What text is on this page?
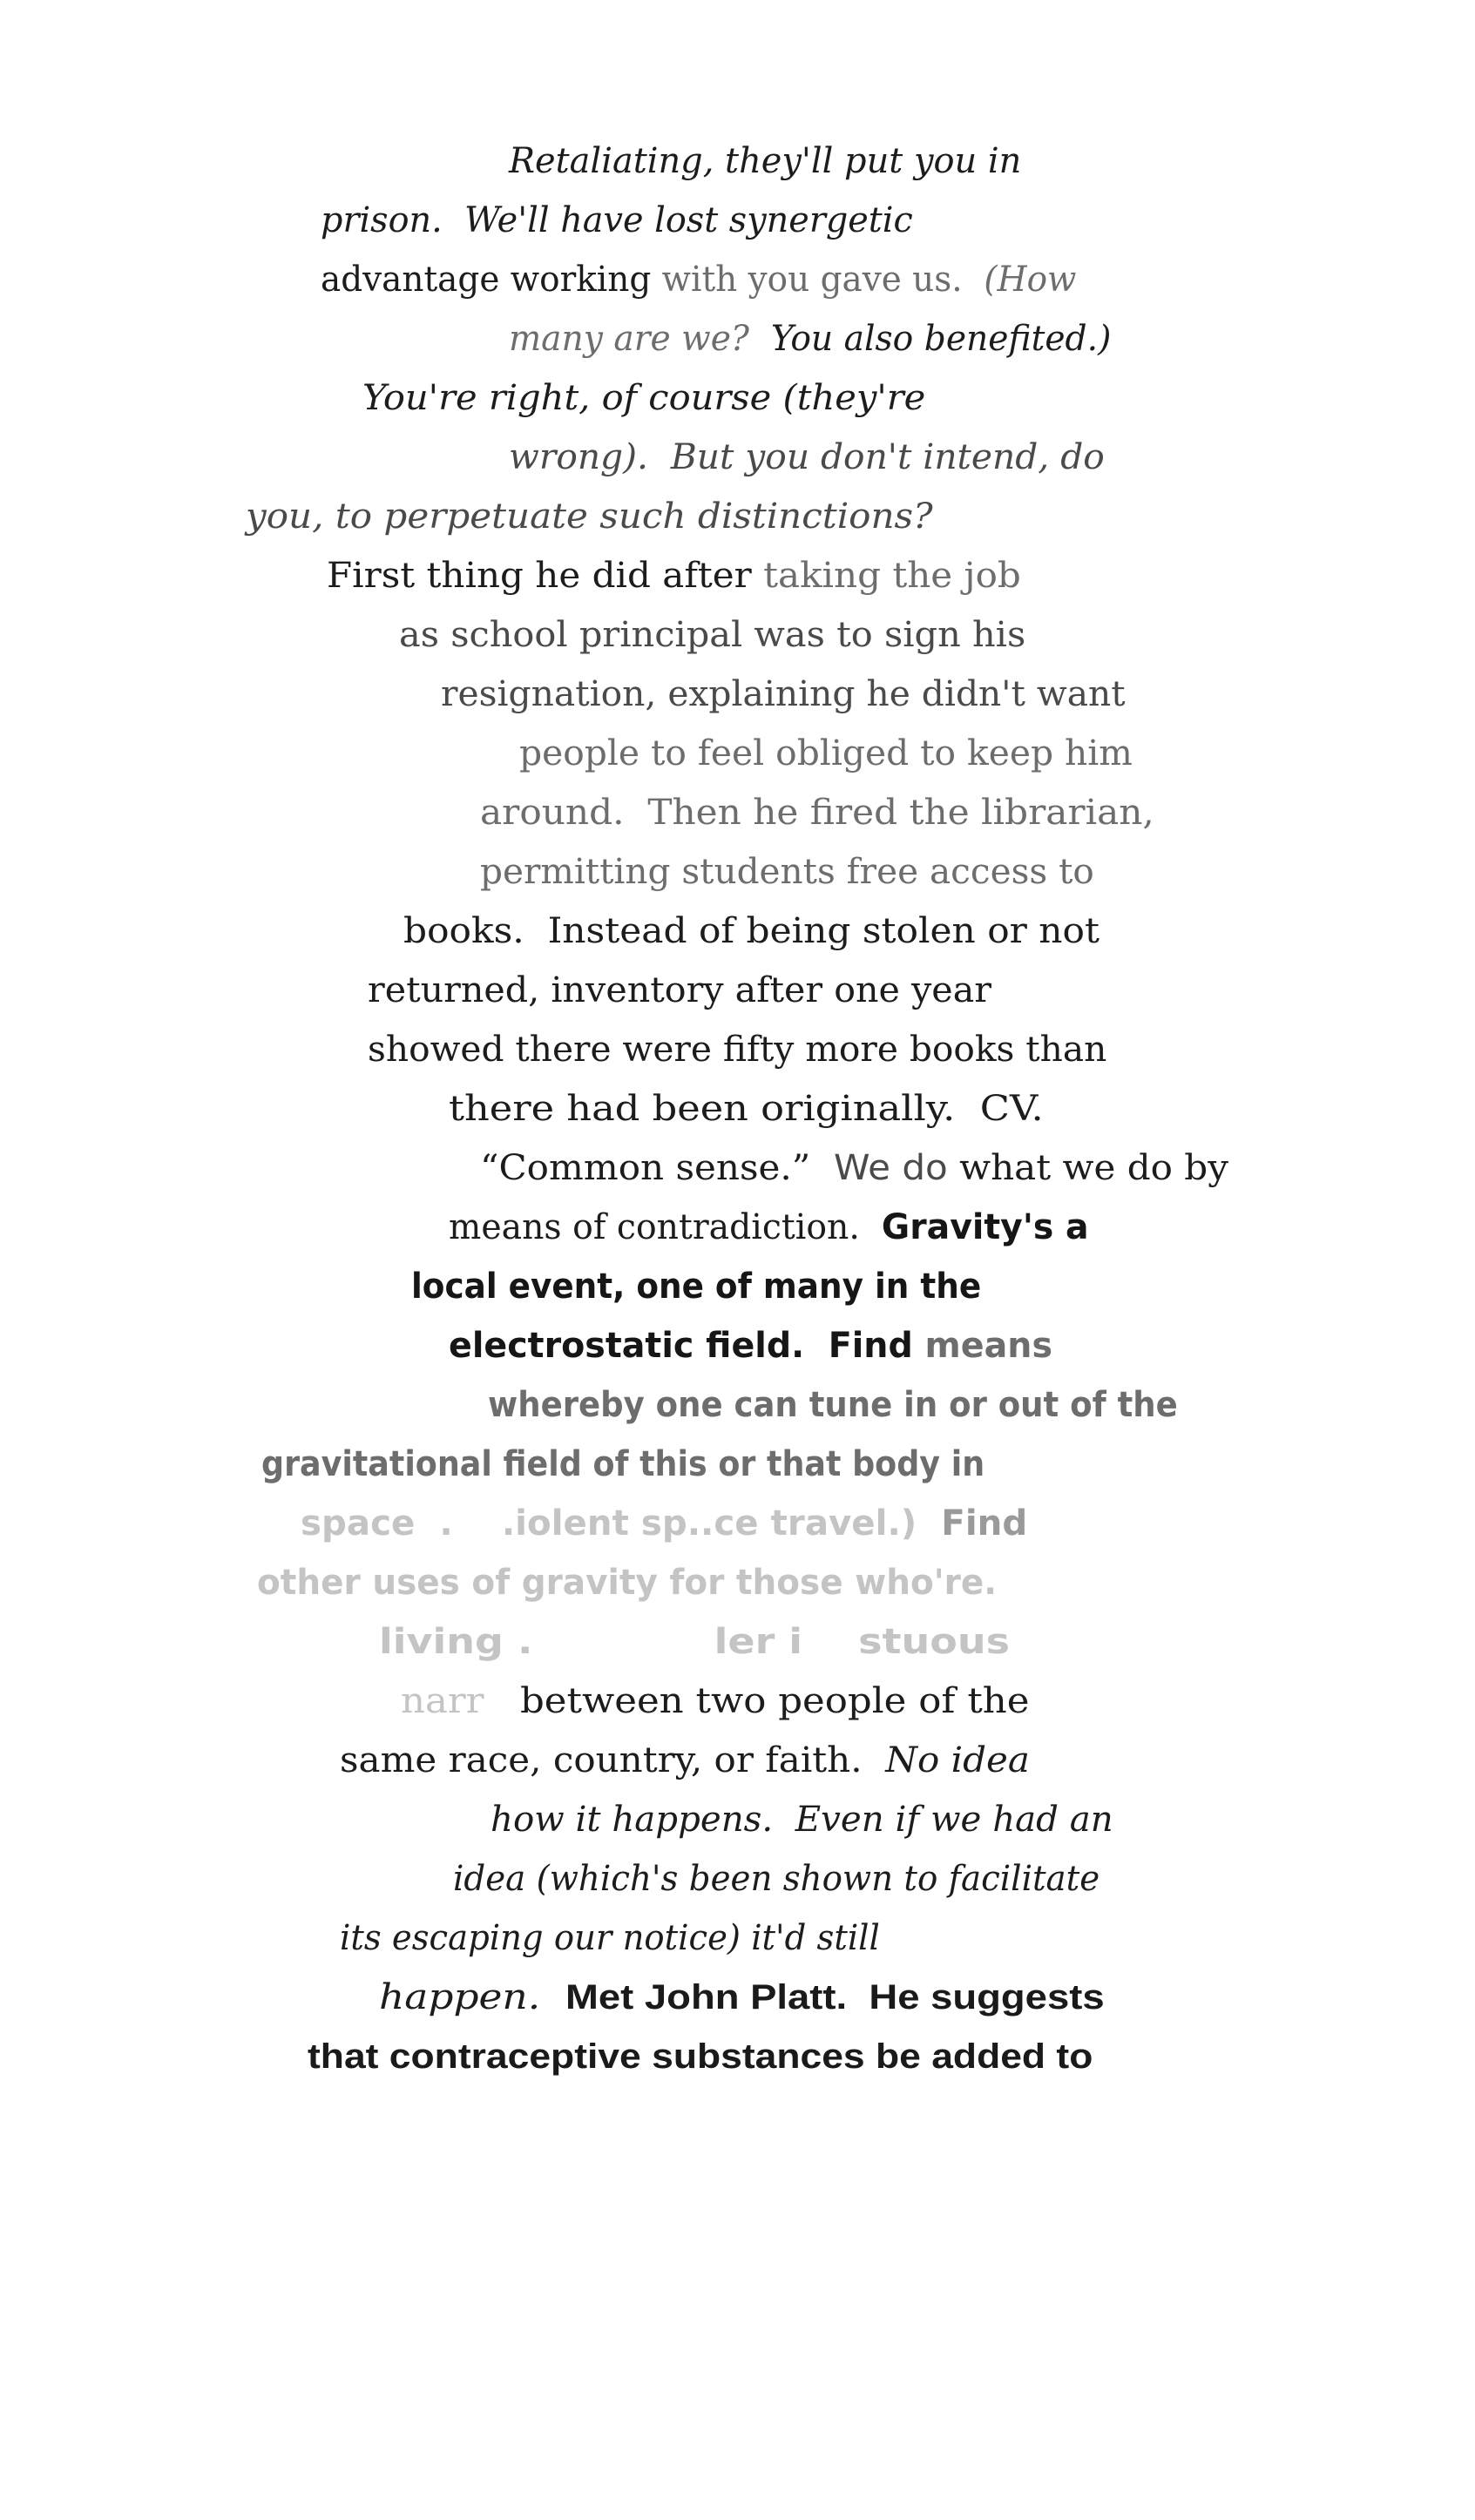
Retaliating, they'll put you in
prison.  We'll have lost synergetic
advantage working with you gave us.  (How
many are we?  You also benefited.)
You're right, of course (they're
wrong).  But you don't intend, do
you, to perpetuate such distinctions?
First thing he did after taking the job
as school principal was to sign his
resignation, explaining he didn't want
people to feel obliged to keep him
around.  Then he fired the librarian,
permitting students free access to
books.  Instead of being stolen or not
returned, inventory after one year
showed there were fifty more books than
there had been originally.  CV.
“Common sense.”  We do what we do by
means of contradiction.  Gravity's a
local event, one of many in the
electrostatic field.  Find means
whereby one can tune in or out of the
gravitational field of this or that body in
space  .    .iolent sp..ce travel.)  Find
other uses of gravity for those who're.
living .             ler i    stuous
narr   between two people of the
same race, country, or faith.  No idea
how it happens.  Even if we had an
idea (which's been shown to facilitate
its escaping our notice) it'd still
happen.  Met John Platt.  He suggests
that contraceptive substances be added to
